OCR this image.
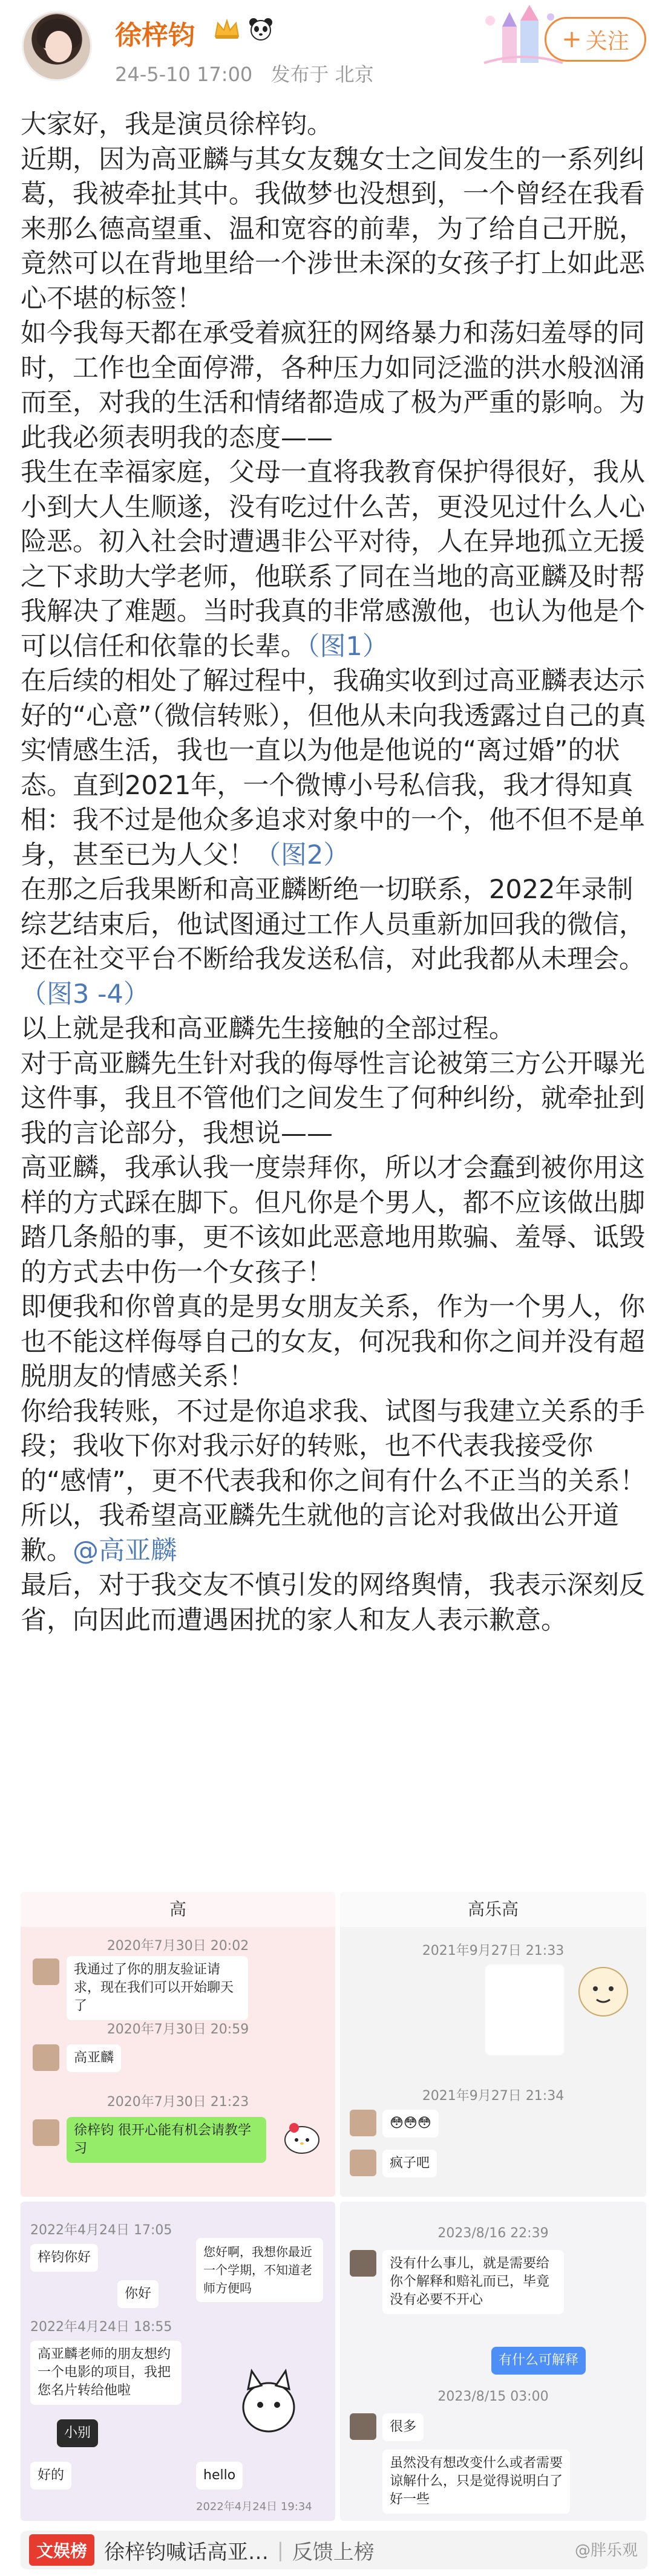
徐梓钧
24-5-10 17:00 发布于 北京
+ 关注

大家好，我是演员徐梓钧。

近期，因为高亚麟与其女友魏女士之间发生的一系列纠葛，我被牵扯其中。我做梦也没想到，一个曾经在我看来那么德高望重、温和宽容的前辈，为了给自己开脱，竟然可以在背地里给一个涉世未深的女孩子打上如此恶心不堪的标签！

如今我每天都在承受着疯狂的网络暴力和荡妇羞辱的同时，工作也全面停滞，各种压力如同泛滥的洪水般汹涌而至，对我的生活和情绪都造成了极为严重的影响。为此我必须表明我的态度——

我生在幸福家庭，父母一直将我教育保护得很好，我从小到大人生顺遂，没有吃过什么苦，更没见过什么人心险恶。初入社会时遭遇非公平对待，人在异地孤立无援之下求助大学老师，他联系了同在当地的高亚麟及时帮我解决了难题。当时我真的非常感激他，也认为他是个可以信任和依靠的长辈。（图1）

在后续的相处了解过程中，我确实收到过高亚麟表达示好的“心意”（微信转账），但他从未向我透露过自己的真实情感生活，我也一直以为他是他说的“离过婚”的状态。直到2021年，一个微博小号私信我，我才得知真相：我不过是他众多追求对象中的一个，他不但不是单身，甚至已为人父！（图2）

在那之后我果断和高亚麟断绝一切联系，2022年录制综艺结束后，他试图通过工作人员重新加回我的微信，还在社交平台不断给我发送私信，对此我都从未理会。（图3 -4）

以上就是我和高亚麟先生接触的全部过程。

对于高亚麟先生针对我的侮辱性言论被第三方公开曝光这件事，我且不管他们之间发生了何种纠纷，就牵扯到我的言论部分，我想说——

高亚麟，我承认我一度崇拜你，所以才会蠢到被你用这样的方式踩在脚下。但凡你是个男人，都不应该做出脚踏几条船的事，更不该如此恶意地用欺骗、羞辱、诋毁的方式去中伤一个女孩子！

即便我和你曾真的是男女朋友关系，作为一个男人，你也不能这样侮辱自己的女友，何况我和你之间并没有超脱朋友的情感关系！

你给我转账，不过是你追求我、试图与我建立关系的手段；我收下你对我示好的转账，也不代表我接受你的“感情”，更不代表我和你之间有什么不正当的关系！

所以，我希望高亚麟先生就他的言论对我做出公开道歉。@高亚麟

最后，对于我交友不慎引发的网络舆情，我表示深刻反省，向因此而遭遇困扰的家人和友人表示歉意。

高
2020年7月30日 20:02
我通过了你的朋友验证请求，现在我们可以开始聊天了
2020年7月30日 20:59
高亚麟
2020年7月30日 21:23
徐梓钧 很开心能有机会请教学习
高乐高
2021年9月27日 21:33
2021年9月27日 21:34
😳😳😳
疯子吧
2022年4月24日 17:05
梓钧你好
你好
2022年4月24日 18:55
高亚麟老师的朋友想约一个电影的项目，我把您名片转给他啦
小别
好的
您好啊，我想你最近一个学期，不知道老师方便吗
hello
2022年4月24日 19:34
2023/8/16 22:39
没有什么事儿，就是需要给你个解释和赔礼而已，毕竟没有必要不开心
有什么可解释
2023/8/15 03:00
很多
虽然没有想改变什么或者需要谅解什么，只是觉得说明白了好一些
文娱榜 徐梓钧喊话高亚… | 反馈上榜	@胖乐观
